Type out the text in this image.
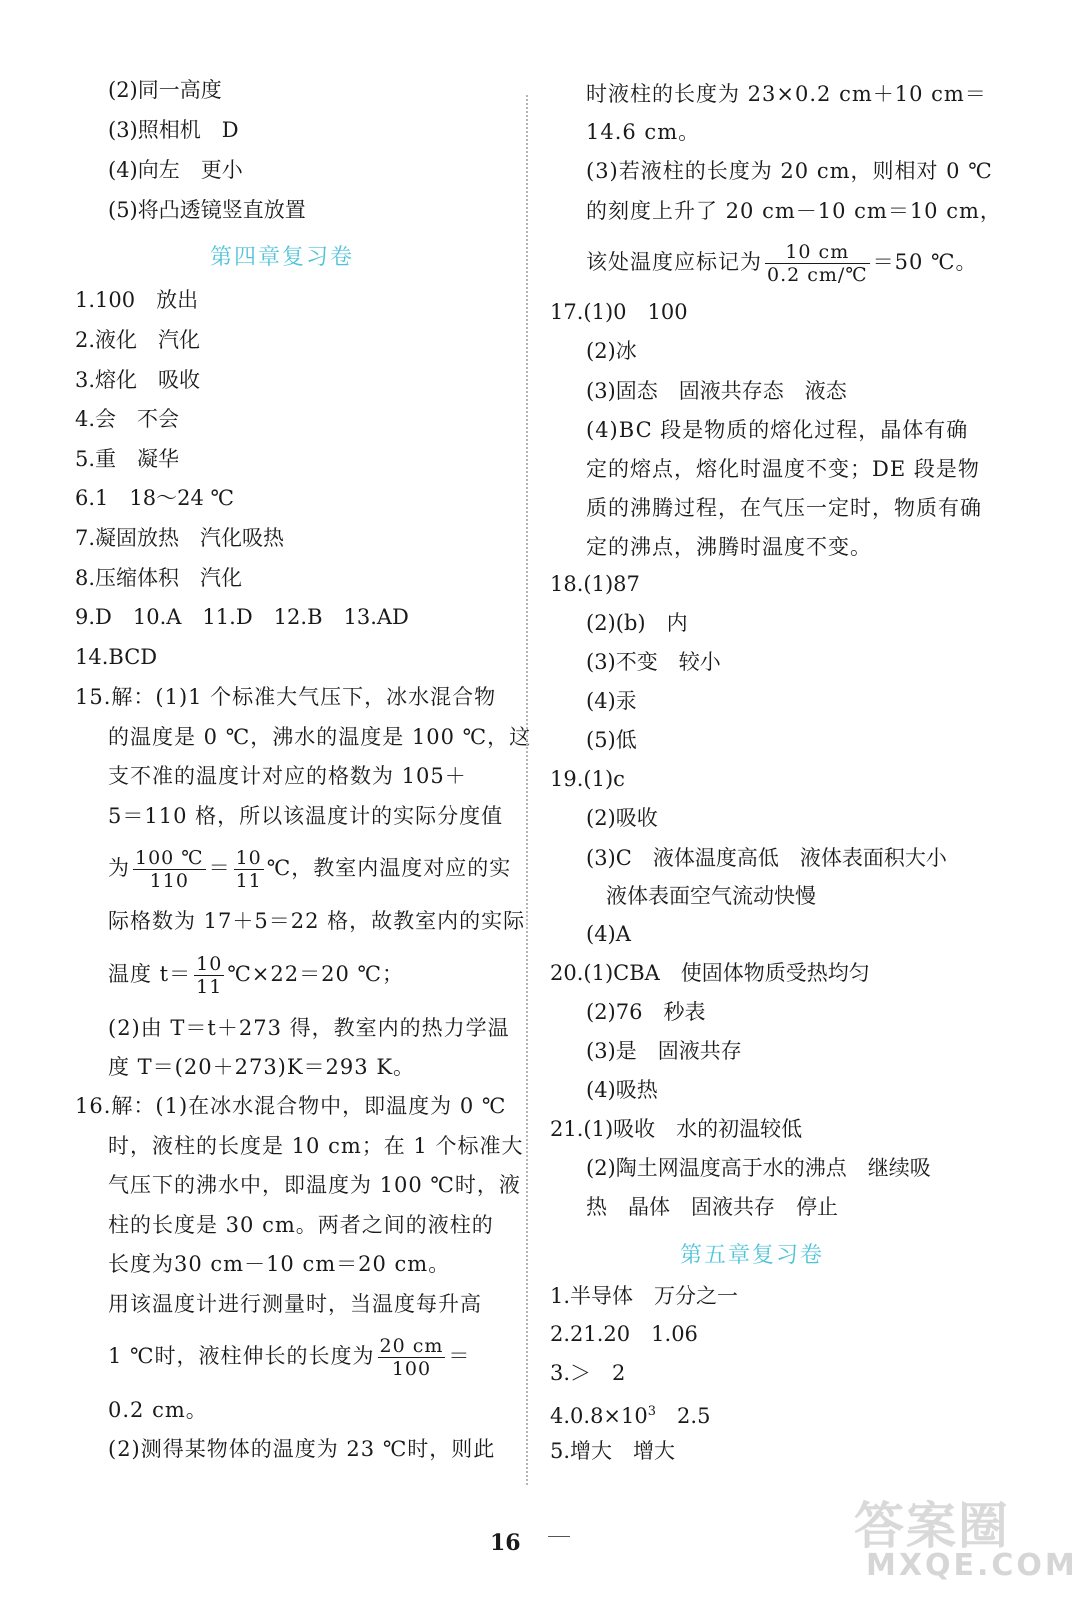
(2)同一高度
(3)照相机　D
(4)向左　更小
(5)将凸透镜竖直放置
第四章复习卷
1.100　放出
2.液化　汽化
3.熔化　吸收
4.会　不会
5.重　凝华
6.1　18～24 ℃
7.凝固放热　汽化吸热
8.压缩体积　汽化
9.D　10.A　11.D　12.B　13.AD
14.BCD
15.解：(1)1 个标准大气压下，冰水混合物
的温度是 0 ℃，沸水的温度是 100 ℃，这
支不准的温度计对应的格数为 105＋
5＝110 格，所以该温度计的实际分度值
为 $\frac{100 ℃}{110} = \frac{10}{11}$ ℃，教室内温度对应的实
际格数为 17＋5＝22 格，故教室内的实际
温度 $t= \frac{10}{11}$ ℃×22＝20 ℃；
(2)由 T＝t＋273 得，教室内的热力学温
度 T＝(20＋273)K＝293 K。
16.解：(1)在冰水混合物中，即温度为 0 ℃
时，液柱的长度是 10 cm；在 1 个标准大
气压下的沸水中，即温度为 100 ℃时，液
柱的长度是 30 cm。两者之间的液柱的
长度为30 cm－10 cm＝20 cm。
用该温度计进行测量时，当温度每升高
1 ℃时，液柱伸长的长度为 $\frac{20 cm}{100}$ ＝
0.2 cm。
(2)测得某物体的温度为 23 ℃时，则此
时液柱的长度为 23×0.2 cm＋10 cm＝
14.6 cm。
(3)若液柱的长度为 20 cm，则相对 0 ℃
的刻度上升了 20 cm－10 cm＝10 cm，
该处温度应标记为 $\frac{10 cm}{0.2 cm/℃} =50$ ℃。
17.(1)0　100
(2)冰
(3)固态　固液共存态　液态
(4)BC 段是物质的熔化过程，晶体有确
定的熔点，熔化时温度不变；DE 段是物
质的沸腾过程，在气压一定时，物质有确
定的沸点，沸腾时温度不变。
18.(1)87
(2)(b)　内
(3)不变　较小
(4)汞
(5)低
19.(1)c
(2)吸收
(3)C　液体温度高低　液体表面积大小
液体表面空气流动快慢
(4)A
20.(1)CBA　使固体物质受热均匀
(2)76　秒表
(3)是　固液共存
(4)吸热
21.(1)吸收　水的初温较低
(2)陶土网温度高于水的沸点　继续吸
热　晶体　固液共存　停止
第五章复习卷
1.半导体　万分之一
2.21.20　1.06
3.＞　2
$4.0.8\times 10^3$　2.5
5.增大　增大
16	答案圈
MXQE.COM
